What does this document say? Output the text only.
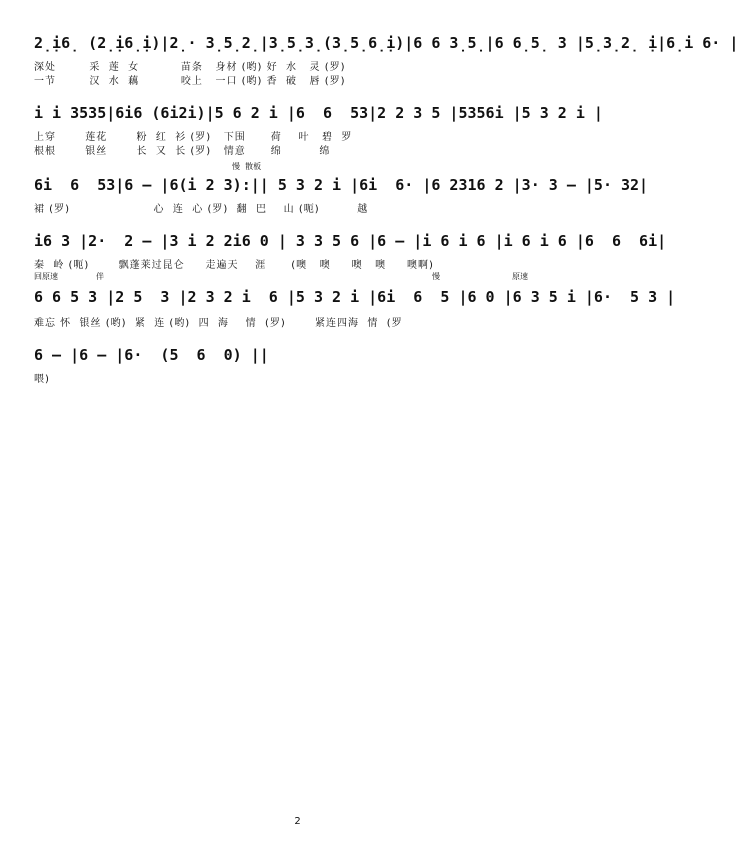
2̣ị6̣ (2̣ị6̣ị)|2̣· 3̣5̣2̣|3̣5̣3̣(3̣5̣6̣ị)|6 6 3̣5̣|6 6̣5̣ 3 |5̣3̣2̣ ị|6̣i 6· |
深处        采  莲  女          苗条   身材 (哟) 好  水   灵 (罗)
一节        汉  水  藕          咬上   一口 (哟) 香  破   唇 (罗)
i i 3535|6i6 (6i2i)|5 6 2 i |6  6  53|2 2 3 5 |5356i |5 3 2 i |
上穿       莲花       粉  红  衫 (罗)   下围      荷    叶   碧  罗
根根       银丝       长  又  长 (罗)   情意      绵         绵
慢  散板
6i  6  53|6 — |6(i 2 3):|| 5 3 2 i |6i  6· |6 2316 2 |3· 3 — |5· 32|
裙 (罗)                    心  连  心 (罗)  翻  巴    山 (呃)         越
i6 3 |2·  2 — |3 i 2 2i6 0 | 3 3 5 6 |6 — |i 6 i 6 |i 6 i 6 |6  6  6i|
秦  岭 (呃)       飘蓬莱过昆仑     走遍天    涯      (噢   噢     噢   噢     噢啊)
回原速	伴	慢	原速
6 6 5 3 |2 5  3 |2 3 2 i  6 |5 3 2 i |6i  6  5 |6 0 |6 3 5 i |6·  5 3 |
难忘 怀  银丝 (哟)  紧  连 (哟)  四  海    情  (罗)       紧连四海  情  (罗
6 — |6 — |6·  (5  6  0) ||
喂)
2
